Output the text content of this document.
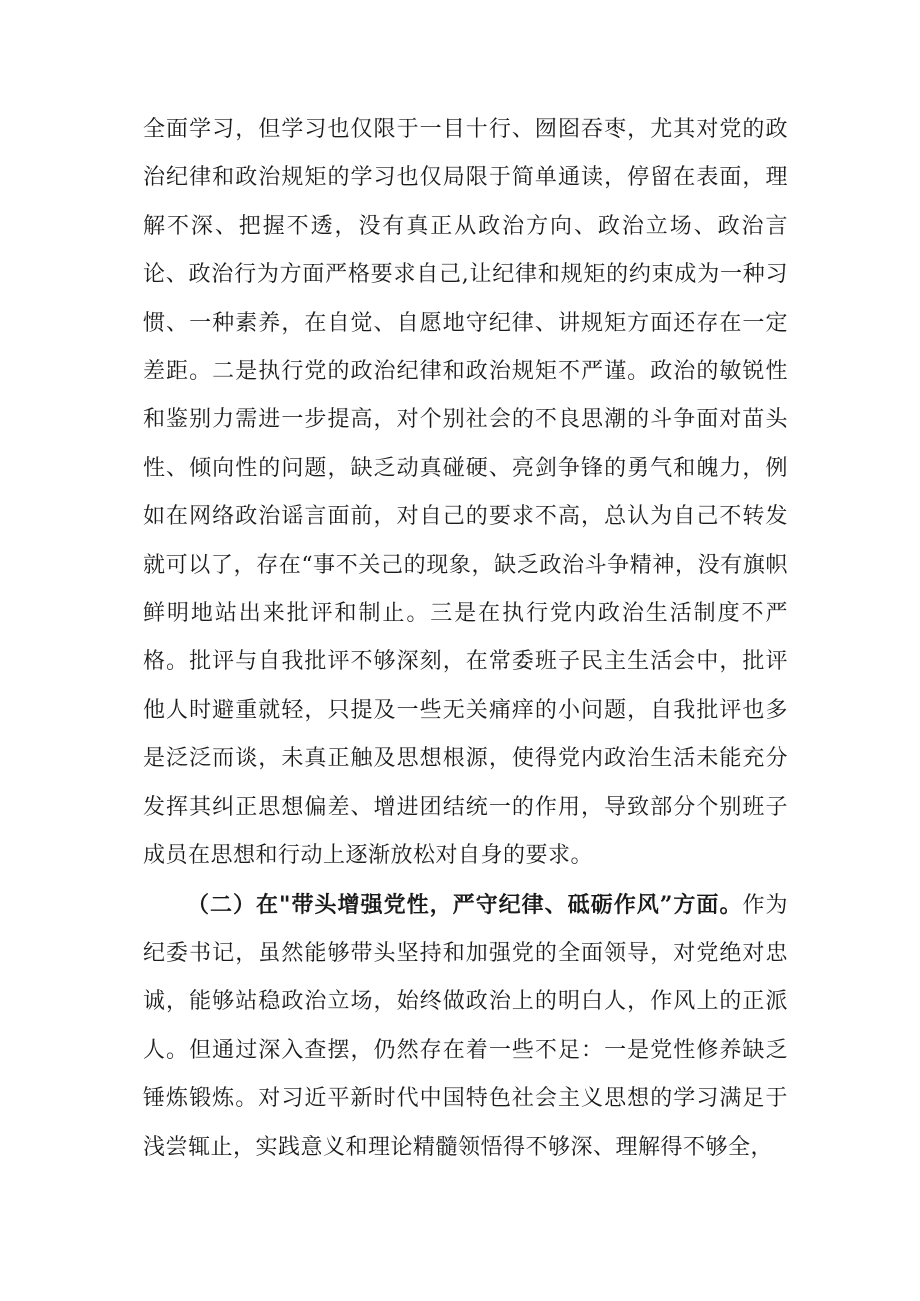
全面学习，但学习也仅限于一目十行、囫囵吞枣，尤其对党的政治纪律和政治规矩的学习也仅局限于简单通读，停留在表面，理解不深、把握不透，没有真正从政治方向、政治立场、政治言论、政治行为方面严格要求自己,让纪律和规矩的约束成为一种习惯、一种素养，在自觉、自愿地守纪律、讲规矩方面还存在一定差距。二是执行党的政治纪律和政治规矩不严谨。政治的敏锐性和鉴别力需进一步提高，对个别社会的不良思潮的斗争面对苗头性、倾向性的问题，缺乏动真碰硬、亮剑争锋的勇气和魄力，例如在网络政治谣言面前，对自己的要求不高，总认为自己不转发就可以了，存在“事不关己的现象，缺乏政治斗争精神，没有旗帜鲜明地站出来批评和制止。三是在执行党内政治生活制度不严格。批评与自我批评不够深刻，在常委班子民主生活会中，批评他人时避重就轻，只提及一些无关痛痒的小问题，自我批评也多是泛泛而谈，未真正触及思想根源，使得党内政治生活未能充分发挥其纠正思想偏差、增进团结统一的作用，导致部分个别班子成员在思想和行动上逐渐放松对自身的要求。

（二）在"带头增强党性，严守纪律、砥砺作风”方面。作为纪委书记，虽然能够带头坚持和加强党的全面领导，对党绝对忠诚，能够站稳政治立场，始终做政治上的明白人，作风上的正派人。但通过深入查摆，仍然存在着一些不足：一是党性修养缺乏锤炼锻炼。对习近平新时代中国特色社会主义思想的学习满足于浅尝辄止，实践意义和理论精髓领悟得不够深、理解得不够全，
